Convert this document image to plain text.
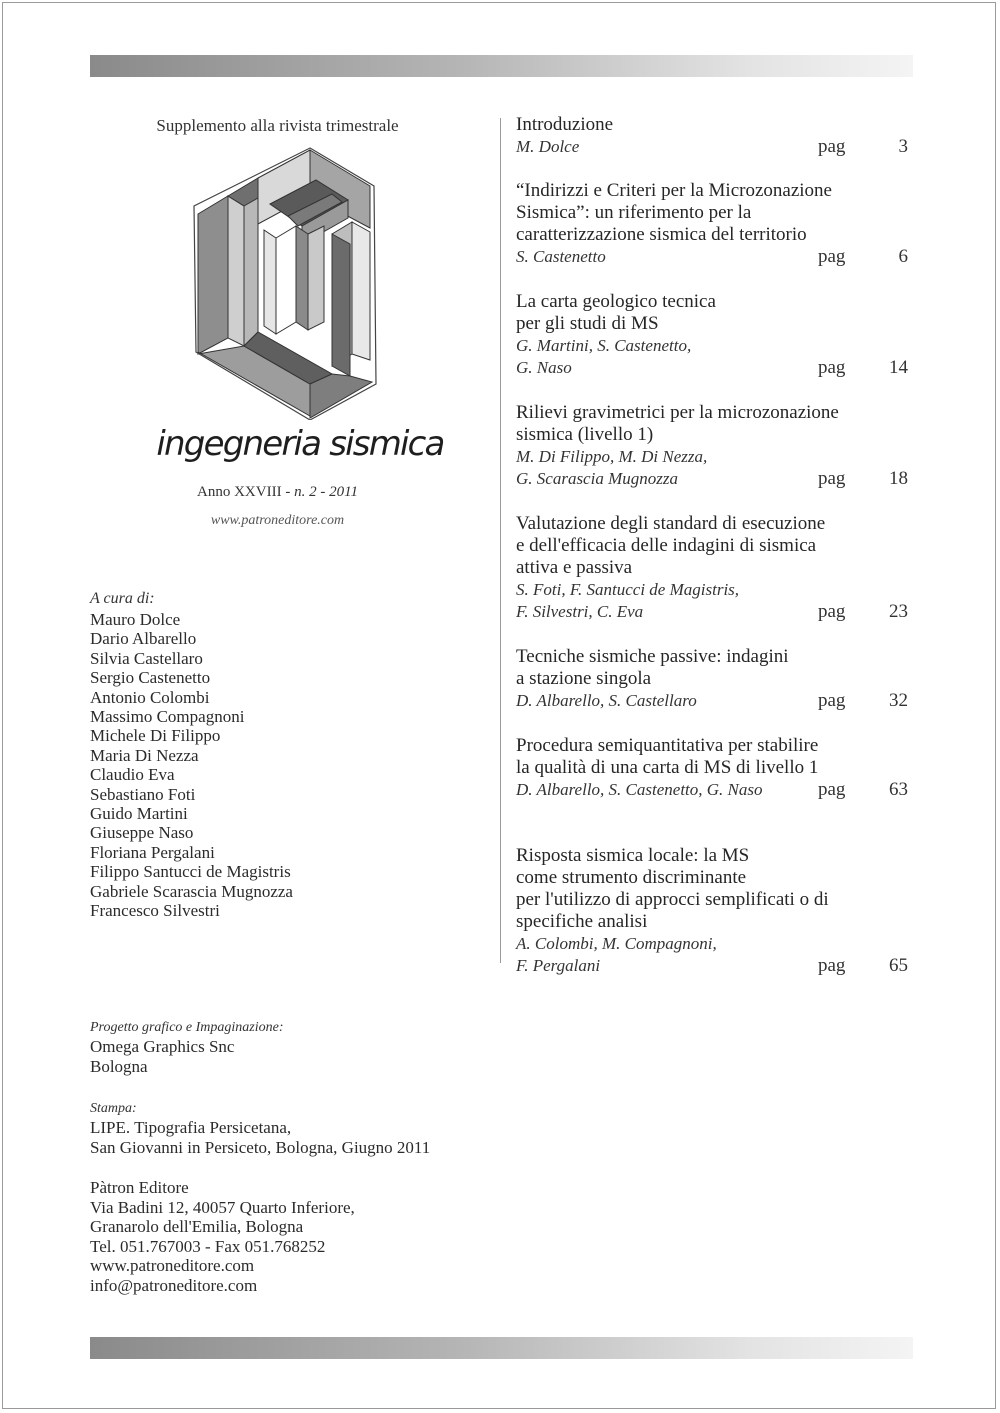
Supplemento alla rivista trimestrale
ingegneria sismica
Anno XXVIII - n. 2 - 2011
www.patroneditore.com
A cura di:
Mauro Dolce
Dario Albarello
Silvia Castellaro
Sergio Castenetto
Antonio Colombi
Massimo Compagnoni
Michele Di Filippo
Maria Di Nezza
Claudio Eva
Sebastiano Foti
Guido Martini
Giuseppe Naso
Floriana Pergalani
Filippo Santucci de Magistris
Gabriele Scarascia Mugnozza
Francesco Silvestri
Progetto grafico e Impaginazione:
Omega Graphics Snc
Bologna
Stampa:
LIPE. Tipografia Persicetana,
San Giovanni in Persiceto, Bologna, Giugno 2011
Pàtron Editore
Via Badini 12, 40057 Quarto Inferiore,
Granarolo dell'Emilia, Bologna
Tel. 051.767003 - Fax 051.768252
www.patroneditore.com
info@patroneditore.com
Introduzione
M. Dolce	pag	3
“Indirizzi e Criteri per la Microzonazione
Sismica”: un riferimento per la
caratterizzazione sismica del territorio
S. Castenetto	pag	6
La carta geologico tecnica
per gli studi di MS
G. Martini, S. Castenetto,
G. Naso	pag 14
Rilievi gravimetrici per la microzonazione
sismica (livello 1)
M. Di Filippo, M. Di Nezza,
G. Scarascia Mugnozza	pag 18
Valutazione degli standard di esecuzione
e dell'efficacia delle indagini di sismica
attiva e passiva
S. Foti, F. Santucci de Magistris,
F. Silvestri, C. Eva	pag 23
Tecniche sismiche passive: indagini
a stazione singola
D. Albarello, S. Castellaro	pag 32
Procedura semiquantitativa per stabilire
la qualità di una carta di MS di livello 1
D. Albarello, S. Castenetto, G. Naso	pag 63
Risposta sismica locale: la MS
come strumento discriminante
per l'utilizzo di approcci semplificati o di
specifiche analisi
A. Colombi, M. Compagnoni,
F. Pergalani	pag 65
